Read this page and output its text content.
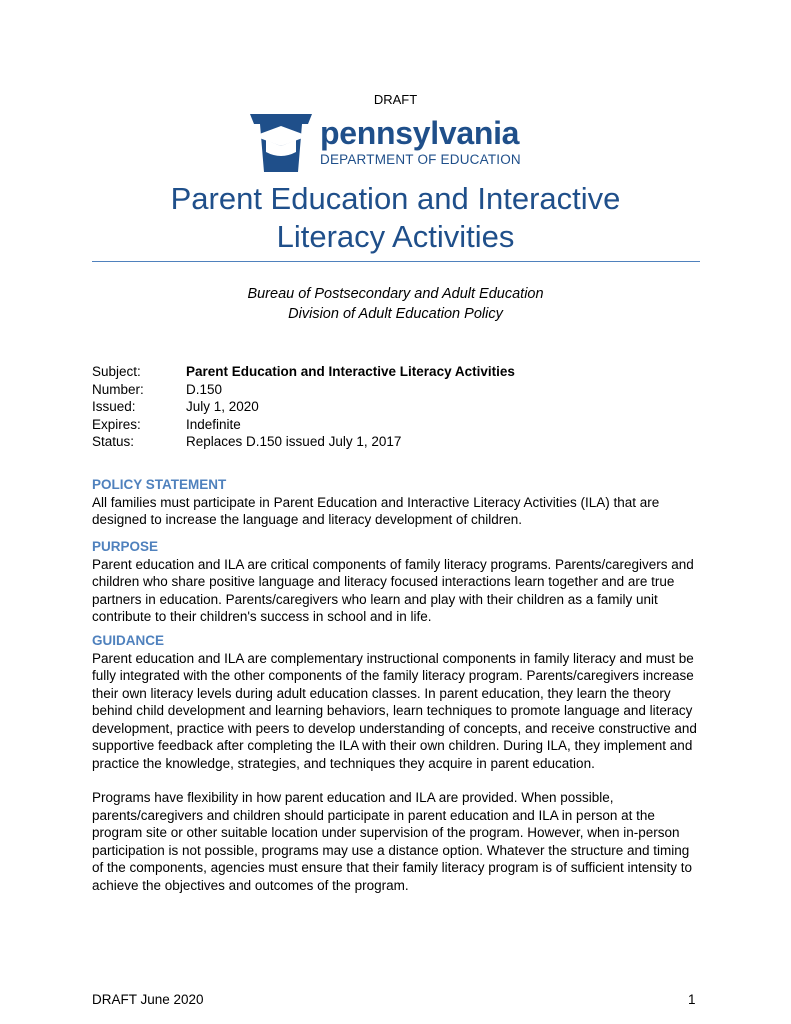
DRAFT
pennsylvania
DEPARTMENT OF EDUCATION
Parent Education and Interactive
Literacy Activities
Bureau of Postsecondary and Adult Education
Division of Adult Education Policy
Subject:	Parent Education and Interactive Literacy Activities
Number:	D.150
Issued:	July 1, 2020
Expires:	Indefinite
Status:	Replaces D.150 issued July 1, 2017
POLICY STATEMENT

All families must participate in Parent Education and Interactive Literacy Activities (ILA) that are designed to increase the language and literacy development of children.

PURPOSE

Parent education and ILA are critical components of family literacy programs. Parents/caregivers and children who share positive language and literacy focused interactions learn together and are true partners in education. Parents/caregivers who learn and play with their children as a family unit contribute to their children's success in school and in life.

GUIDANCE

Parent education and ILA are complementary instructional components in family literacy and must be fully integrated with the other components of the family literacy program. Parents/caregivers increase their own literacy levels during adult education classes. In parent education, they learn the theory behind child development and learning behaviors, learn techniques to promote language and literacy development, practice with peers to develop understanding of concepts, and receive constructive and supportive feedback after completing the ILA with their own children. During ILA, they implement and practice the knowledge, strategies, and techniques they acquire in parent education.

Programs have flexibility in how parent education and ILA are provided. When possible, parents/caregivers and children should participate in parent education and ILA in person at the program site or other suitable location under supervision of the program. However, when in-person participation is not possible, programs may use a distance option. Whatever the structure and timing of the components, agencies must ensure that their family literacy program is of sufficient intensity to achieve the objectives and outcomes of the program.

DRAFT June 2020	1
